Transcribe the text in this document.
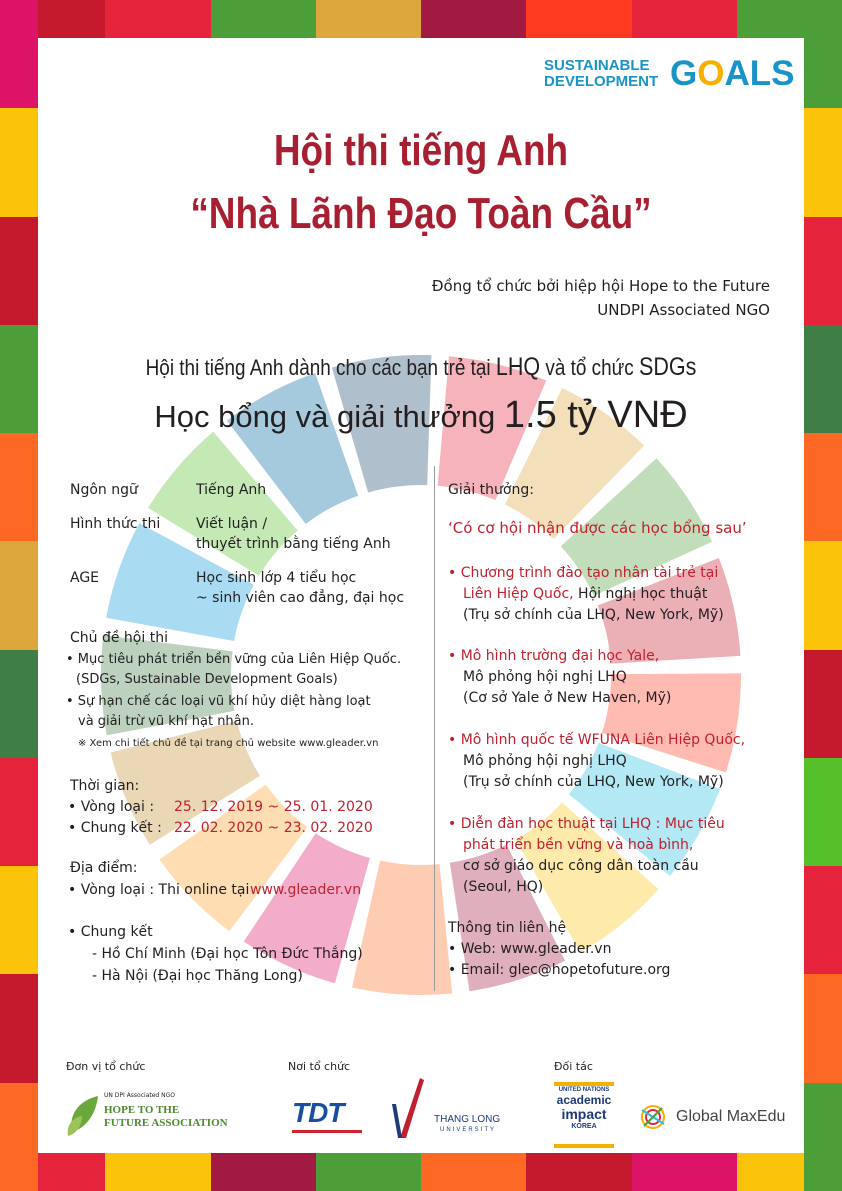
SUSTAINABLE
DEVELOPMENT GOALS
Hội thi tiếng Anh
“Nhà Lãnh Đạo Toàn Cầu”
Đồng tổ chức bởi hiệp hội Hope to the Future
UNDPI Associated NGO
Hội thi tiếng Anh dành cho các bạn trẻ tại LHQ và tổ chức SDGs
Học bổng và giải thưởng 1.5 tỷ VNĐ
Ngôn ngữ	Tiếng Anh
Hình thức thi	Viết luận /
thuyết trình bằng tiếng Anh
AGE	Học sinh lớp 4 tiểu học
~ sinh viên cao đẳng, đại học
Chủ đề hội thi
• Mục tiêu phát triển bền vững của Liên Hiệp Quốc.
(SDGs, Sustainable Development Goals)
• Sự hạn chế các loại vũ khí hủy diệt hàng loạt
và giải trừ vũ khí hạt nhân.
※ Xem chi tiết chủ đề tại trang chủ website www.gleader.vn
Thời gian:
• Vòng loại : 25. 12. 2019 ~ 25. 01. 2020
• Chung kết : 22. 02. 2020 ~ 23. 02. 2020
Địa điểm:
• Vòng loại : Thi online tại www.gleader.vn
• Chung kết
- Hồ Chí Minh (Đại học Tôn Đức Thắng)
- Hà Nội (Đại học Thăng Long)
Giải thưởng:
‘Có cơ hội nhận được các học bổng sau’
• Chương trình đào tạo nhân tài trẻ tại
Liên Hiệp Quốc, Hội nghị học thuật
(Trụ sở chính của LHQ, New York, Mỹ)
• Mô hình trường đại học Yale,
Mô phỏng hội nghị LHQ
(Cơ sở Yale ở New Haven, Mỹ)
• Mô hình quốc tế WFUNA Liên Hiệp Quốc,
Mô phỏng hội nghị LHQ
(Trụ sở chính của LHQ, New York, Mỹ)
• Diễn đàn học thuật tại LHQ : Mục tiêu
phát triển bền vững và hoà bình,
cơ sở giáo dục công dân toàn cầu
(Seoul, HQ)
Thông tin liên hệ
• Web: www.gleader.vn
• Email: glec@hopetofuture.org
Đơn vị tổ chức	Nơi tổ chức	Đối tác
UN DPI Associated NGO
HOPE TO THE
FUTURE ASSOCIATION TDT	THANG LONG
UNIVERSITY
UNITED NATIONS
academic
impact
KOREA
Global MaxEdu
